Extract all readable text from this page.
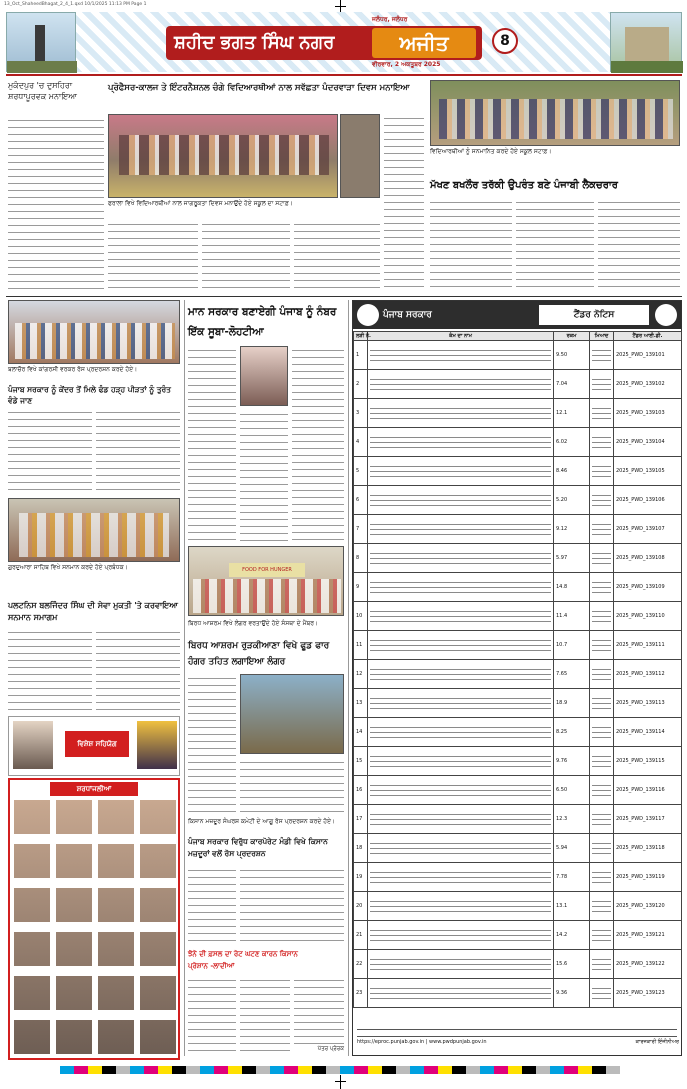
13_Oct_ShaheedBhagat_2_4_1.qxd 10/1/2025 11:13 PM Page 1
ਸ਼ਹੀਦ ਭਗਤ ਸਿੰਘ ਨਗਰ	ਅਜੀਤ
ਜਲੰਧਰ, ਜਲੰਧਰ
ਵੀਰਵਾਰ, 2 ਅਕਤੂਬਰ 2025
8
ਮੁਕੰਦਪੁਰ 'ਚ ਦੁਸਹਿਰਾ ਸ਼ਰਧਾਪੂਰਵਕ ਮਨਾਇਆ
ਪ੍ਰੋਫੈਸਰ-ਕਾਲਜ ਤੇ ਇੰਟਰਨੈਸ਼ਨਲ ਚੰਗੇ ਵਿਦਿਆਰਥੀਆਂ ਨਾਲ ਸਵੱਛਤਾ ਪੰਦਰਵਾੜਾ ਦਿਵਸ ਮਨਾਇਆ
ਫਰਾਲਾ ਵਿਖੇ ਵਿਦਿਆਰਥੀਆਂ ਨਾਲ ਜਾਗਰੂਕਤਾ ਦਿਵਸ ਮਨਾਉਂਦੇ ਹੋਏ ਸਕੂਲ ਦਾ ਸਟਾਫ਼।
ਵਿਦਿਆਰਥੀਆਂ ਨੂੰ ਸਨਮਾਨਿਤ ਕਰਦੇ ਹੋਏ ਸਕੂਲ ਸਟਾਫ਼।
ਮੱਖਣ ਬਖਲੌਰ ਤਰੱਕੀ ਉਪਰੰਤ ਬਣੇ ਪੰਜਾਬੀ ਲੈਕਚਰਾਰ
ਬਲਾਚੌਰ ਵਿਖੇ ਕਾਂਗਰਸੀ ਵਰਕਰ ਰੋਸ ਪ੍ਰਦਰਸ਼ਨ ਕਰਦੇ ਹੋਏ।
ਪੰਜਾਬ ਸਰਕਾਰ ਨੂੰ ਕੇਂਦਰ ਤੋਂ ਮਿਲੇ ਫੰਡ ਹੜ੍ਹ ਪੀੜਤਾਂ ਨੂੰ ਤੁਰੰਤ ਵੰਡੇ ਜਾਣ
ਗੁਰਦੁਆਰਾ ਸਾਹਿਬ ਵਿਖੇ ਸਨਮਾਨ ਕਰਦੇ ਹੋਏ ਪ੍ਰਬੰਧਕ।
ਪਲਟਨਿਸ ਬਲਜਿੰਦਰ ਸਿੰਘ ਦੀ ਸੇਵਾ ਮੁਕਤੀ 'ਤੇ ਕਰਵਾਇਆ ਸਨਮਾਨ ਸਮਾਗਮ
ਵਿਸ਼ੇਸ਼ ਸਹਿਯੋਗ
ਸ਼ਰਧਾਂਜਲੀਆਂ
ਮਾਨ ਸਰਕਾਰ ਬਣਾਏਗੀ ਪੰਜਾਬ ਨੂੰ ਨੰਬਰ ਇੱਕ ਸੂਬਾ-ਲੋਹਟੀਆ
FOOD FOR HUNGER
ਬਿਰਧ ਆਸ਼ਰਮ ਵਿਖੇ ਲੰਗਰ ਵਰਤਾਉਂਦੇ ਹੋਏ ਸੰਸਥਾ ਦੇ ਮੈਂਬਰ।
ਬਿਰਧ ਆਸ਼ਰਮ ਰੁੜਕੀਆਣਾ ਵਿਖੇ ਫੂਡ ਫਾਰ ਹੰਗਰ ਤਹਿਤ ਲਗਾਇਆ ਲੰਗਰ
ਕਿਸਾਨ ਮਜ਼ਦੂਰ ਸੰਘਰਸ਼ ਕਮੇਟੀ ਦੇ ਆਗੂ ਰੋਸ ਪ੍ਰਦਰਸ਼ਨ ਕਰਦੇ ਹੋਏ।
ਪੰਜਾਬ ਸਰਕਾਰ ਵਿਰੁੱਧ ਕਾਰਪੋਰੇਟ ਮੰਡੀ ਵਿਖੇ ਕਿਸਾਨ ਮਜ਼ਦੂਰਾਂ ਵਲੋਂ ਰੋਸ ਪ੍ਰਦਰਸ਼ਨ
ਝੋਨੇ ਦੀ ਫ਼ਸਲ ਦਾ ਰੇਟ ਘਟਣ ਕਾਰਨ ਕਿਸਾਨ ਪ੍ਰੇਸ਼ਾਨ -ਲਾਦੀਆਂ
ਪੱਤਰ ਪ੍ਰੇਰਕ
ਪੰਜਾਬ ਸਰਕਾਰ	ਟੈਂਡਰ ਨੋਟਿਸ
ਲੜੀ ਨੰ.	ਕੰਮ ਦਾ ਨਾਮ	ਰਕਮ	ਮਿਆਦ	ਟੈਂਡਰ ਆਈ.ਡੀ.
1		9.50		2025_PWD_139101
2		7.04		2025_PWD_139102
3		12.1		2025_PWD_139103
4		6.02		2025_PWD_139104
5		8.46		2025_PWD_139105
6		5.20		2025_PWD_139106
7		9.12		2025_PWD_139107
8		5.97		2025_PWD_139108
9		14.8		2025_PWD_139109
10		11.4		2025_PWD_139110
11		10.7		2025_PWD_139111
12		7.65		2025_PWD_139112
13		18.9		2025_PWD_139113
14		8.25		2025_PWD_139114
15		9.76		2025_PWD_139115
16		6.50		2025_PWD_139116
17		12.3		2025_PWD_139117
18		5.94		2025_PWD_139118
19		7.78		2025_PWD_139119
20		13.1		2025_PWD_139120
21		14.2		2025_PWD_139121
22		15.6		2025_PWD_139122
23		9.36		2025_PWD_139123
https://eproc.punjab.gov.in | www.pwdpunjab.gov.in	ਕਾਰਜਕਾਰੀ ਇੰਜੀਨੀਅਰ
